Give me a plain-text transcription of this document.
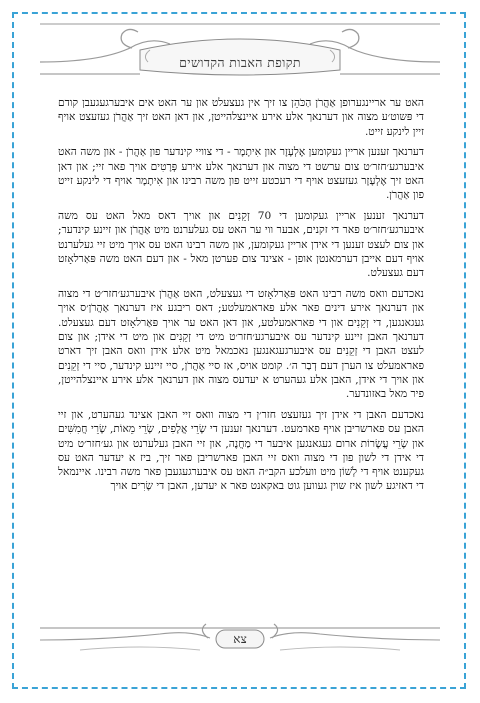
תקופת האבות הקדושים

האט ער אריינגערופן אַהֲרֹן הַכֹּהֵן צו זיך אין געצעלט און ער האט אים איבערגעגעבן קודם די פּשוט׳ע מצוה און דערנאך אלע אירע איינצלהייטן, און דאן האט זיך אַהֲרֹן געזעצט אויף זיין לינקע זייט.

דערנאך זענען אריין געקומען אֶלְעָזָר און אִיתָמָר - די צוויי קינדער פון אַהֲרֹן - און משה האט איבערגע׳חזר׳ט צום ערשט די מצוה און דערנאך אלע אירע פְּרָטִים אויך פאר זיי; און דאן האט זיך אֶלְעָזָר געזעצט אויף די רעכטע זייט פון משה רבינו און אִיתָמָר אויף די לינקע זייט פון אַהֲרֹן.

דערנאך זענען אריין געקומען די 70 זְקֵנִים און אויך דאס מאל האט עס משה איבערגע׳חזר׳ט פאר די זקנים, אבער ווי ער האט עס געלערנט מיט אַהֲרֹן און זיינע קינדער; און צום לעצט זענען די אידן אריין געקומען, און משה רבינו האט עס אויך מיט זיי געלערנט אויף דעם אייבן דערמאנטן אופן - אצינד צום פערטן מאל - און דעם האט משה פּאַרלאָזט דעם געצעלט.

נאכדעם וואס משה רבינו האט פּאַרלאָזט די געצעלט, האט אַהֲרֹן איבערגע׳חזר׳ט די מצוה און דערנאך אירע דינים פאר אלע פאראמעלטע; דאס ריבגע איז דערנאך אַהֲרֹן׳ס אויך געגאנגען, די זְקֵנִים און די פאראמעלטע, און דאן האט ער אויך פּאַרלאָזט דעם געצעלט. דערנאך האבן זיינע קינדער עס איבערגע׳חזר׳ט מיט די זְקֵנִים און מיט די אידן; און צום לעצט האבן די זְקֵנִים עס איבערגעגאנגען נאכמאל מיט אלע אידן וואס האבן זיך דארט פאראמעלט צו הערן דעם דְבַר ה׳. קומט אויס, אז סיי אַהֲרֹן, סיי זיינע קינדער, סיי די זְקֵנִים און אויך די אידן, האבן אלע געהערט א יעדעס מצוה און דערנאך אלע אירע איינצלהייטן, פיר מאל באזונדער.

נאכדעם האבן די אידן זיך געזעצט חזר׳ן די מצוה וואס זיי האבן אצינד געהערט, און זיי האבן עס פארשריבן אויף פארמעט. דערנאך זענען די שָׂרֵי אֲלָפִים, שָׂרֵי מֵאוֹת, שָׂרֵי חֲמִשִּׁים און שָׂרֵי עֲשָׂרוֹת ארום געגאנגען איבער די מַחֲנֶה, און זיי האבן געלערנט און גע׳חזר׳ט מיט די אידן די לשון פון די מצוה וואס זיי האבן פארשריבן פאר זיך, ביז א יעדער האט עס געקענט אויף די לְשׁוֹן מיט וועלכע הקב״ה האט עס איבערגעגעבן פאר משה רבינו. איינמאל די דאזיגע לשון איז שוין געווען גוט באקאנט פאר א יעדען, האבן די שָׂרִים אויך

צא
